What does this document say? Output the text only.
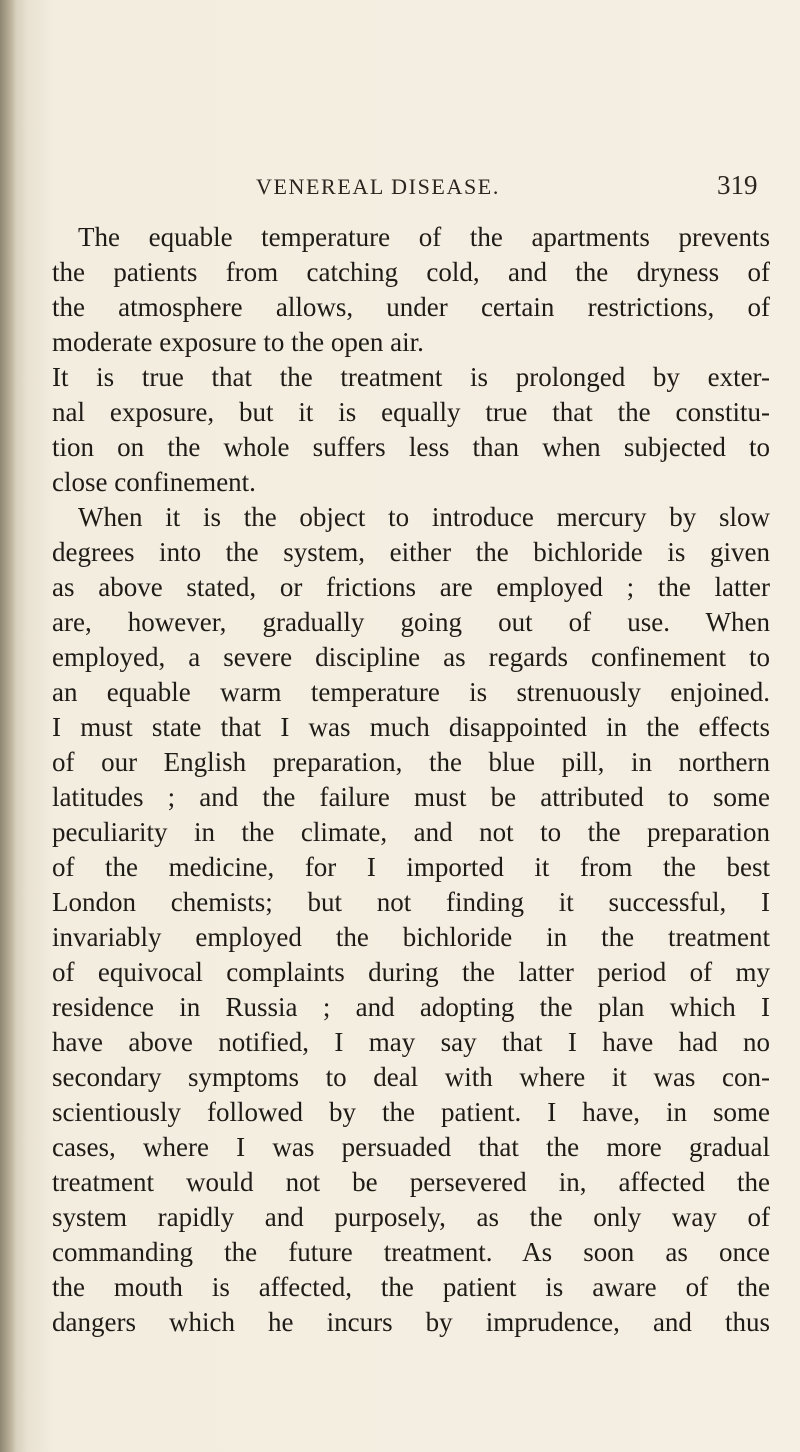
VENEREAL DISEASE.	319
The equable temperature of the apartments prevents
the patients from catching cold, and the dryness of
the atmosphere allows, under certain restrictions, of
moderate exposure to the open air.
It is true that the treatment is prolonged by exter-
nal exposure, but it is equally true that the constitu-
tion on the whole suffers less than when subjected to
close confinement.
When it is the object to introduce mercury by slow
degrees into the system, either the bichloride is given
as above stated, or frictions are employed ; the latter
are, however, gradually going out of use. When
employed, a severe discipline as regards confinement to
an equable warm temperature is strenuously enjoined.
I must state that I was much disappointed in the effects
of our English preparation, the blue pill, in northern
latitudes ; and the failure must be attributed to some
peculiarity in the climate, and not to the preparation
of the medicine, for I imported it from the best
London chemists; but not finding it successful, I
invariably employed the bichloride in the treatment
of equivocal complaints during the latter period of my
residence in Russia ; and adopting the plan which I
have above notified, I may say that I have had no
secondary symptoms to deal with where it was con-
scientiously followed by the patient. I have, in some
cases, where I was persuaded that the more gradual
treatment would not be persevered in, affected the
system rapidly and purposely, as the only way of
commanding the future treatment. As soon as once
the mouth is affected, the patient is aware of the
dangers which he incurs by imprudence, and thus
